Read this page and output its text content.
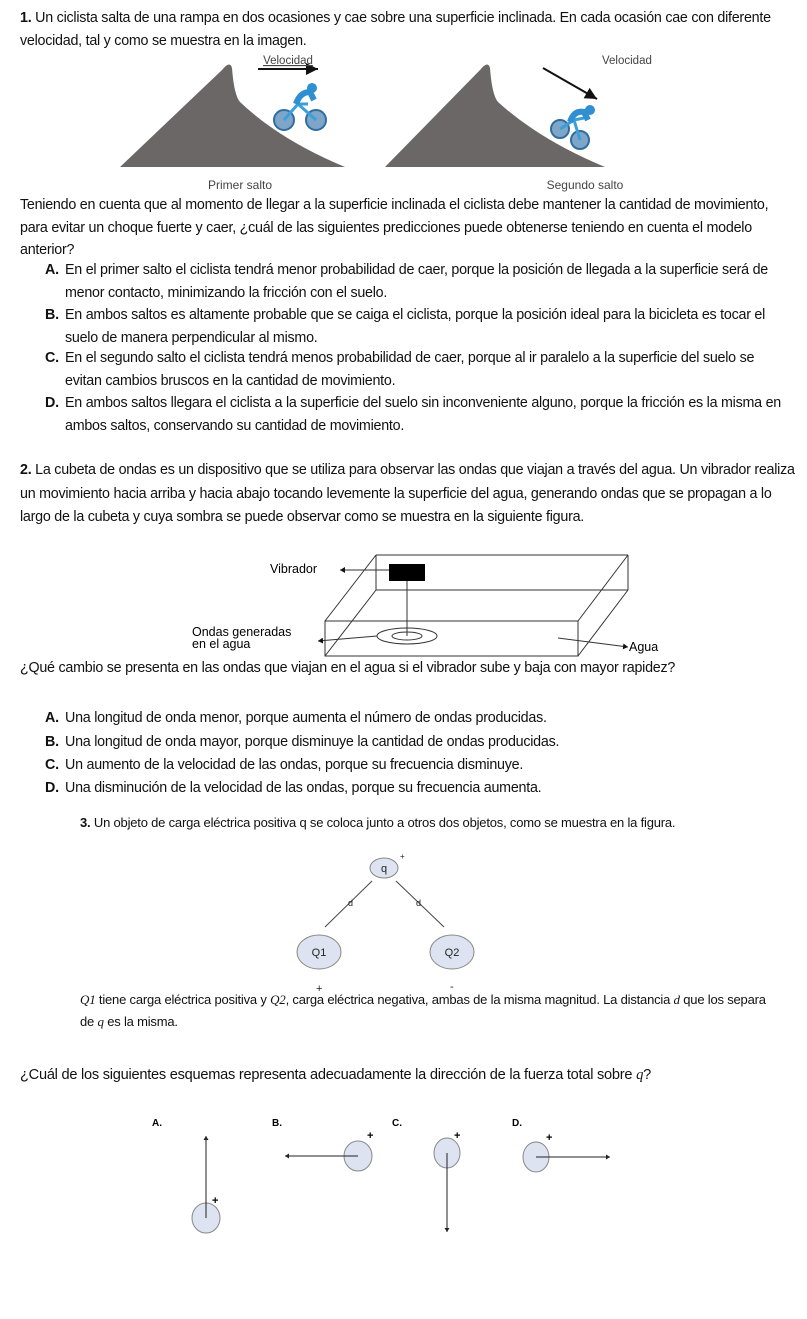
1. Un ciclista salta de una rampa en dos ocasiones y cae sobre una superficie inclinada. En cada ocasión cae con diferente velocidad, tal y como se muestra en la imagen.
Velocidad
Primer salto
Velocidad
Segundo salto
Teniendo en cuenta que al momento de llegar a la superficie inclinada el ciclista debe mantener la cantidad de movimiento, para evitar un choque fuerte y caer, ¿cuál de las siguientes predicciones puede obtenerse teniendo en cuenta el modelo anterior?
A. En el primer salto el ciclista tendrá menor probabilidad de caer, porque la posición de llegada a la superficie será de menor contacto, minimizando la fricción con el suelo.
B. En ambos saltos es altamente probable que se caiga el ciclista, porque la posición ideal para la bicicleta es tocar el suelo de manera perpendicular al mismo.
C. En el segundo salto el ciclista tendrá menos probabilidad de caer, porque al ir paralelo a la superficie del suelo se evitan cambios bruscos en la cantidad de movimiento.
D. En ambos saltos llegara el ciclista a la superficie del suelo sin inconveniente alguno, porque la fricción es la misma en ambos saltos, conservando su cantidad de movimiento.
2. La cubeta de ondas es un dispositivo que se utiliza para observar las ondas que viajan a través del agua. Un vibrador realiza un movimiento hacia arriba y hacia abajo tocando levemente la superficie del agua, generando ondas que se propagan a lo largo de la cubeta y cuya sombra se puede observar como se muestra en la siguiente figura.
Vibrador
Ondas generadas
en el agua	Agua
¿Qué cambio se presenta en las ondas que viajan en el agua si el vibrador sube y baja con mayor rapidez?
A. Una longitud de onda menor, porque aumenta el número de ondas producidas.
B. Una longitud de onda mayor, porque disminuye la cantidad de ondas producidas.
C. Un aumento de la velocidad de las ondas, porque su frecuencia disminuye.
D. Una disminución de la velocidad de las ondas, porque su frecuencia aumenta.
3. Un objeto de carga eléctrica positiva q se coloca junto a otros dos objetos, como se muestra en la figura.
q
+
d	d
Q1
+
Q2
-
Q1 tiene carga eléctrica positiva y Q2, carga eléctrica negativa, ambas de la misma magnitud. La distancia d que los separa de q es la misma.
¿Cuál de los siguientes esquemas representa adecuadamente la dirección de la fuerza total sobre q?
A.
+
B.
+
C.
+
D.
+
